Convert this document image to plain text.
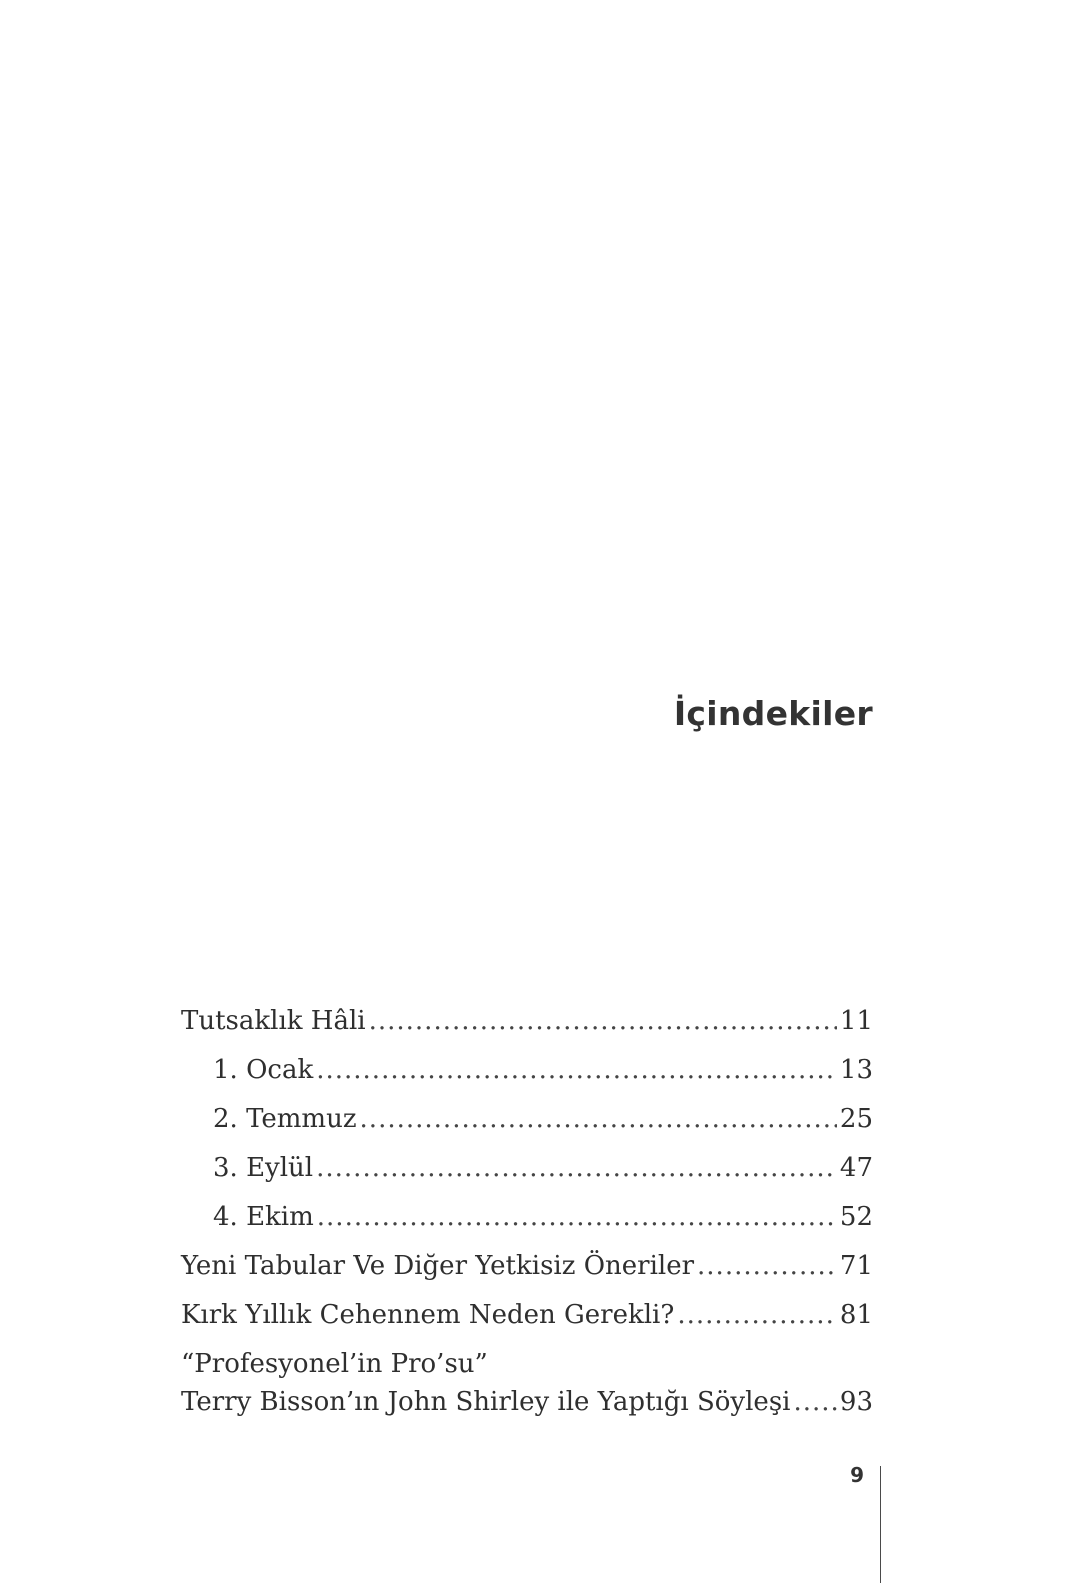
İçindekiler
Tutsaklık Hâli .....	11
1. Ocak .....	13
2. Temmuz .....	25
3. Eylül .....	47
4. Ekim .....	52
Yeni Tabular Ve Diğer Yetkisiz Öneriler .....	71
Kırk Yıllık Cehennem Neden Gerekli? .....	81
“Profesyonel’in Pro’su”
Terry Bisson’ın John Shirley ile Yaptığı Söyleşi ..... 93
9
